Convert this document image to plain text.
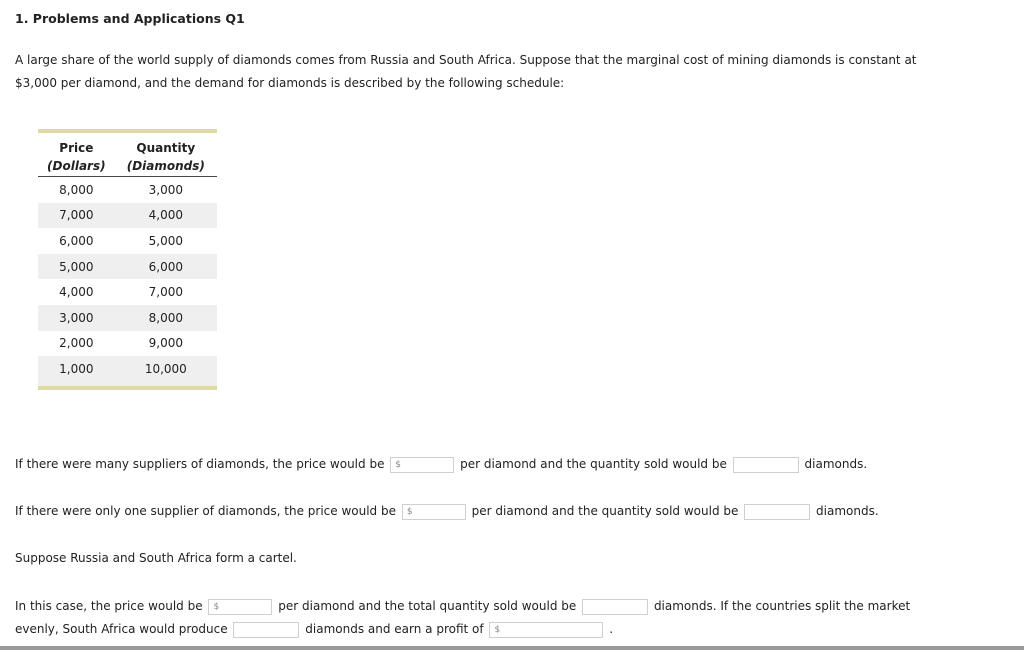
1. Problems and Applications Q1
A large share of the world supply of diamonds comes from Russia and South Africa. Suppose that the marginal cost of mining diamonds is constant at
$3,000 per diamond, and the demand for diamonds is described by the following schedule:
Price	Quantity
(Dollars)	(Diamonds)
8,000	3,000
7,000	4,000
6,000	5,000
5,000	6,000
4,000	7,000
3,000	8,000
2,000	9,000
1,000	10,000
If there were many suppliers of diamonds, the price would be $	per diamond and the quantity sold would be	diamonds.
If there were only one supplier of diamonds, the price would be $	per diamond and the quantity sold would be	diamonds.
Suppose Russia and South Africa form a cartel.
In this case, the price would be $	per diamond and the total quantity sold would be	diamonds. If the countries split the market
evenly, South Africa would produce	diamonds and earn a profit of $	.
